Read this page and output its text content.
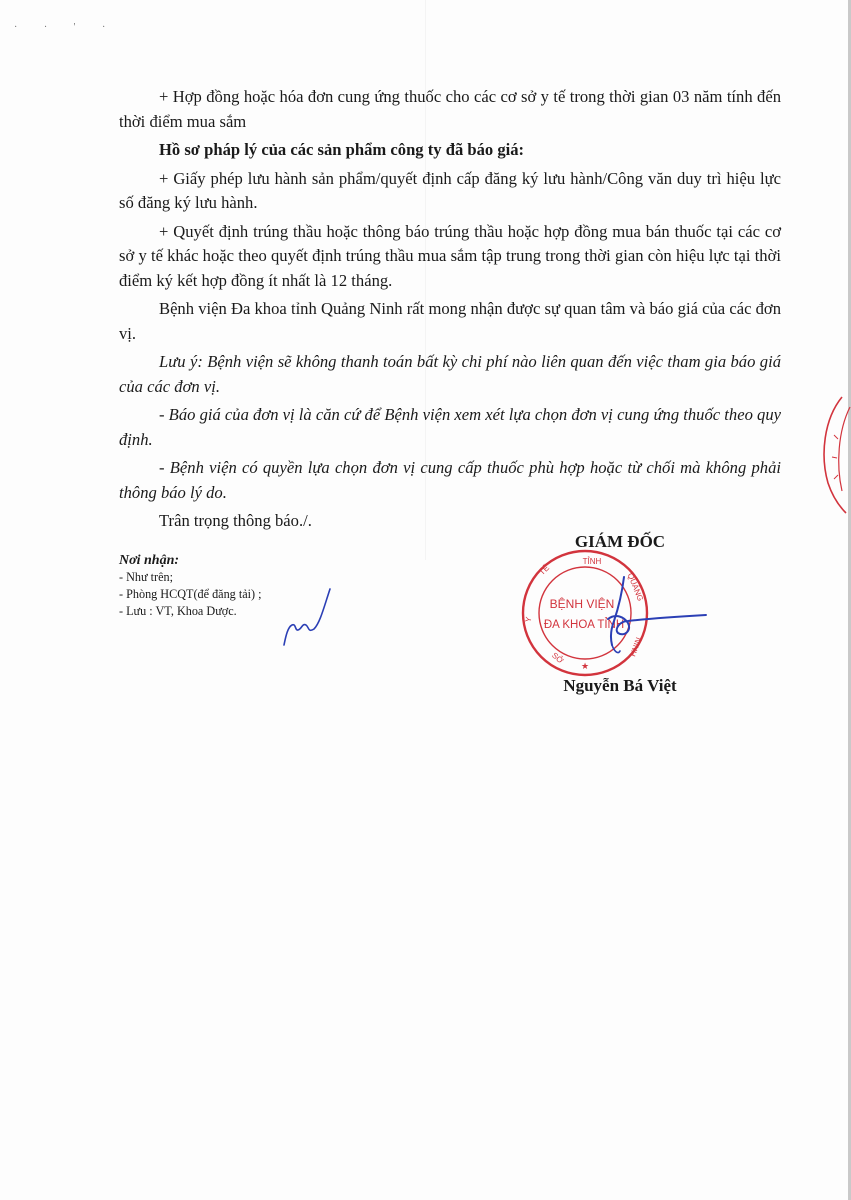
· · ' ·

+ Hợp đồng hoặc hóa đơn cung ứng thuốc cho các cơ sở y tế trong thời gian 03 năm tính đến thời điểm mua sắm

Hồ sơ pháp lý của các sản phẩm công ty đã báo giá:

+ Giấy phép lưu hành sản phẩm/quyết định cấp đăng ký lưu hành/Công văn duy trì hiệu lực số đăng ký lưu hành.

+ Quyết định trúng thầu hoặc thông báo trúng thầu hoặc hợp đồng mua bán thuốc tại các cơ sở y tế khác hoặc theo quyết định trúng thầu mua sắm tập trung trong thời gian còn hiệu lực tại thời điểm ký kết hợp đồng ít nhất là 12 tháng.

Bệnh viện Đa khoa tỉnh Quảng Ninh rất mong nhận được sự quan tâm và báo giá của các đơn vị.

Lưu ý: Bệnh viện sẽ không thanh toán bất kỳ chi phí nào liên quan đến việc tham gia báo giá của các đơn vị.

- Báo giá của đơn vị là căn cứ để Bệnh viện xem xét lựa chọn đơn vị cung ứng thuốc theo quy định.

- Bệnh viện có quyền lựa chọn đơn vị cung cấp thuốc phù hợp hoặc từ chối mà không phải thông báo lý do.

Trân trọng thông báo./.

Nơi nhận:
- Như trên;
- Phòng HCQT(để đăng tải) ;
- Lưu : VT, Khoa Dược.
GIÁM ĐỐC
BỆNH VIỆN
ĐA KHOA TỈNH
TỈNH
QUẢNG
NINH
Y
TẾ
SỞ
★
Nguyễn Bá Việt
